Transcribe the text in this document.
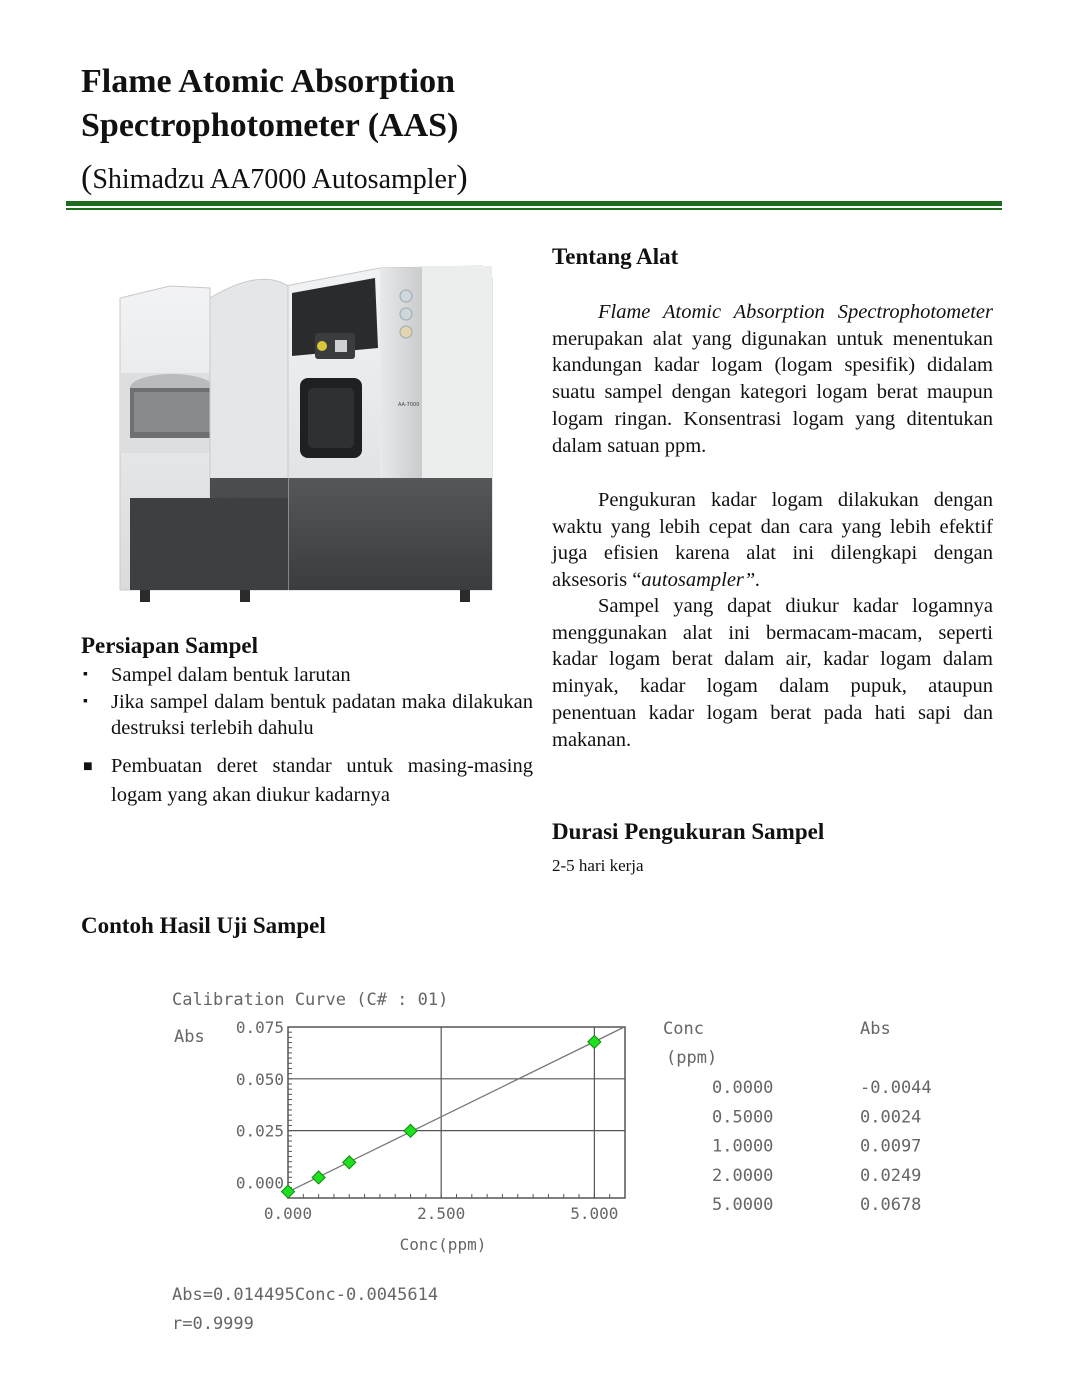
Flame Atomic Absorption
Spectrophotometer (AAS)
(Shimadzu AA7000 Autosampler)
AA-7000
ASC-7000
Tentang Alat

Flame Atomic Absorption Spectrophotometer merupakan alat yang digunakan untuk menentukan kandungan kadar logam (logam spesifik) didalam suatu sampel dengan kategori logam berat maupun logam ringan. Konsentrasi logam yang ditentukan dalam satuan ppm.

Pengukuran kadar logam dilakukan dengan waktu yang lebih cepat dan cara yang lebih efektif juga efisien karena alat ini dilengkapi dengan aksesoris “autosampler”.

Sampel yang dapat diukur kadar logamnya menggunakan alat ini bermacam-macam, seperti kadar logam berat dalam air, kadar logam dalam minyak, kadar logam dalam pupuk, ataupun penentuan kadar logam berat pada hati sapi dan makanan.

Persiapan Sampel
▪ Sampel dalam bentuk larutan
▪ Jika sampel dalam bentuk padatan maka dilakukan destruksi terlebih dahulu
■ Pembuatan deret standar untuk masing-masing logam yang akan diukur kadarnya
Durasi Pengukuran Sampel
2-5 hari kerja
Contoh Hasil Uji Sampel
Calibration Curve (C# : 01)
Abs
Conc(ppm)
0.000
0.025
0.050
0.075
0.000	2.500	5.000
Conc
(ppm)
Abs
0.0000	-0.0044
0.5000	0.0024
1.0000	0.0097
2.0000	0.0249
5.0000	0.0678
Abs=0.014495Conc-0.0045614
r=0.9999
